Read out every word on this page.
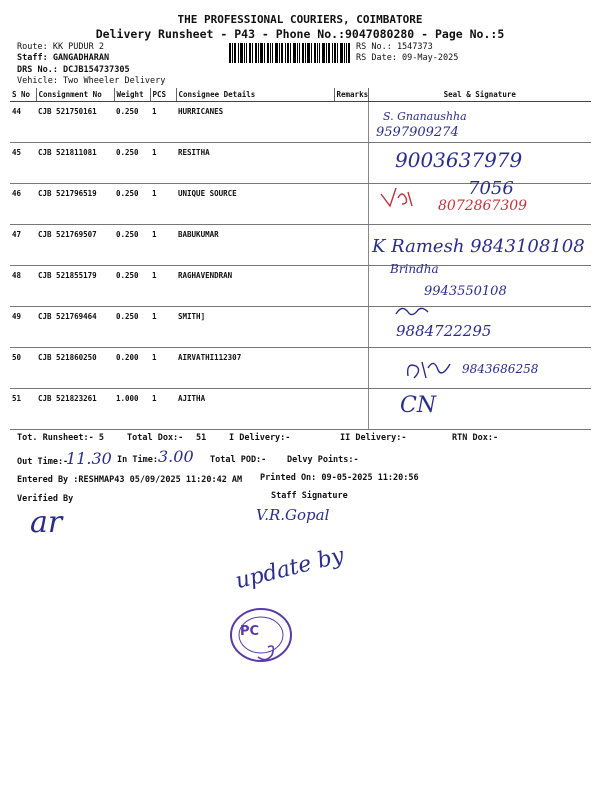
THE PROFESSIONAL COURIERS, COIMBATORE
Delivery Runsheet - P43 - Phone No.:9047080280 - Page No.:5
Route: KK PUDUR 2
Staff: GANGADHARAN
DRS No.: DCJB154737305
Vehicle: Two Wheeler Delivery
RS No.: 1547373
RS Date: 09-May-2025
S No	Consignment No	Weight	PCS	Consignee Details	Remarks	Seal & Signature
44	CJB 521750161	0.250	1	HURRICANES		
45	CJB 521811081	0.250	1	RESITHA		
46	CJB 521796519	0.250	1	UNIQUE SOURCE		
47	CJB 521769507	0.250	1	BABUKUMAR		
48	CJB 521855179	0.250	1	RAGHAVENDRAN		
49	CJB 521769464	0.250	1	SMITH]		
50	CJB 521860250	0.200	1	AIRVATHI112307		
51	CJB 521823261	1.000	1	AJITHA		
S. Gnanaushha
9597909274
9003637979
7056
8072867309
K Ramesh 9843108108
Brindha
9943550108
9884722295
9843686258
CN
Tot. Runsheet:- 5	Total Dox:- 51	I Delivery:-	II Delivery:-	RTN Dox:-
Out Time:-
11.30 In Time: 3.00 Total POD:- Delvy Points:-
Entered By :RESHMAP43 05/09/2025 11:20:42 AM Printed On: 09-05-2025 11:20:56
Verified By	Staff Signature
ar	V.R.Gopal
update by
PC
